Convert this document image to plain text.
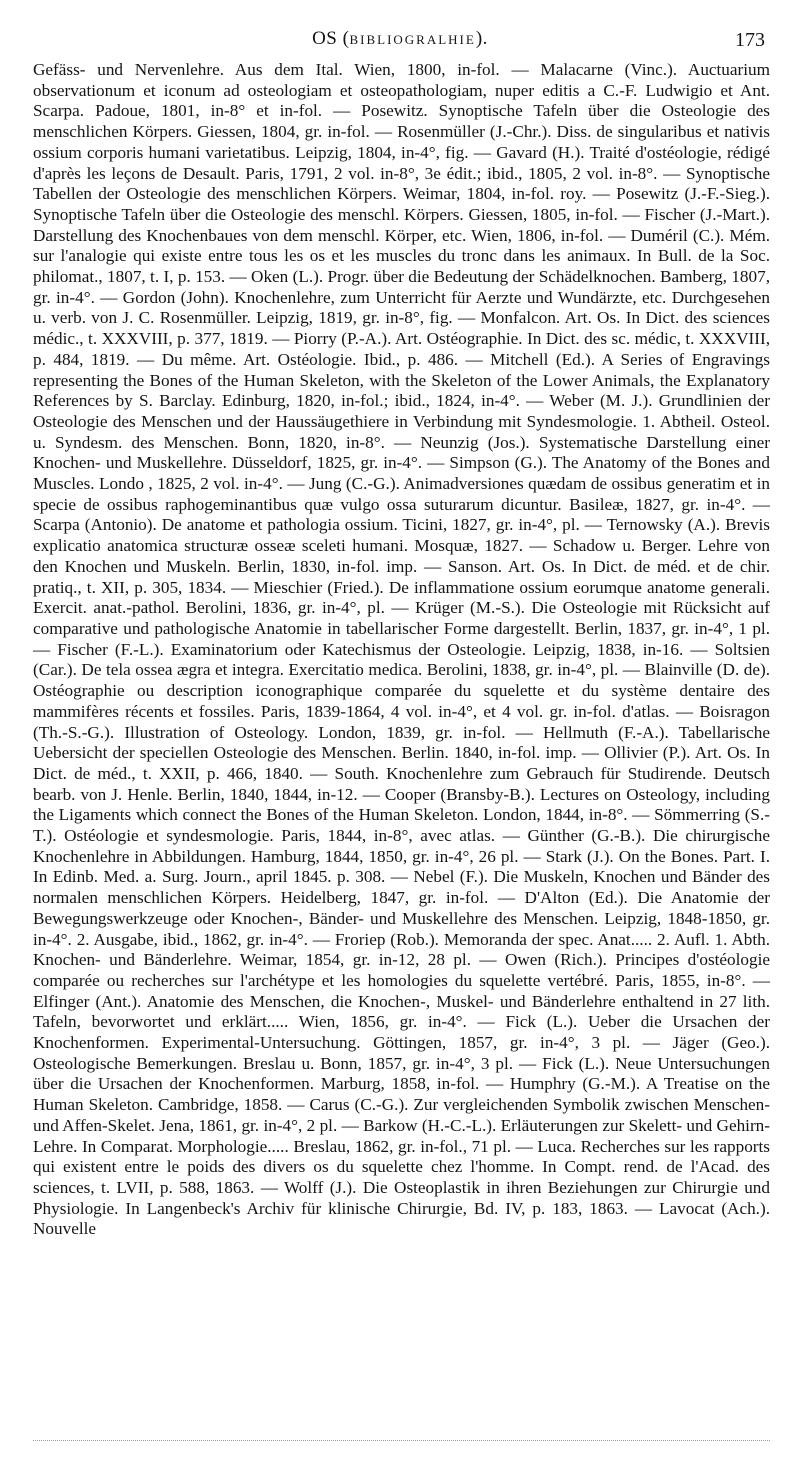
OS (bibliogralhie).	173

Gefäss- und Nervenlehre. Aus dem Ital. Wien, 1800, in-fol. — Malacarne (Vinc.). Auctuarium observationum et iconum ad osteologiam et osteopathologiam, nuper editis a C.-F. Ludwigio et Ant. Scarpa. Padoue, 1801, in-8° et in-fol. — Posewitz. Synoptische Tafeln über die Osteologie des menschlichen Körpers. Giessen, 1804, gr. in-fol. — Rosenmüller (J.-Chr.). Diss. de singularibus et nativis ossium corporis humani varietatibus. Leipzig, 1804, in-4°, fig. — Gavard (H.). Traité d'ostéologie, rédigé d'après les leçons de Desault. Paris, 1791, 2 vol. in-8°, 3e édit.; ibid., 1805, 2 vol. in-8°. — Synoptische Tabellen der Osteologie des menschlichen Körpers. Weimar, 1804, in-fol. roy. — Posewitz (J.-F.-Sieg.). Synoptische Tafeln über die Osteologie des menschl. Körpers. Giessen, 1805, in-fol. — Fischer (J.-Mart.). Darstellung des Knochenbaues von dem menschl. Körper, etc. Wien, 1806, in-fol. — Duméril (C.). Mém. sur l'analogie qui existe entre tous les os et les muscles du tronc dans les animaux. In Bull. de la Soc. philomat., 1807, t. I, p. 153. — Oken (L.). Progr. über die Bedeutung der Schädelknochen. Bamberg, 1807, gr. in-4°. — Gordon (John). Knochenlehre, zum Unterricht für Aerzte und Wundärzte, etc. Durchgesehen u. verb. von J. C. Rosenmüller. Leipzig, 1819, gr. in-8°, fig. — Monfalcon. Art. Os. In Dict. des sciences médic., t. XXXVIII, p. 377, 1819. — Piorry (P.-A.). Art. Ostéographie. In Dict. des sc. médic, t. XXXVIII, p. 484, 1819. — Du même. Art. Ostéologie. Ibid., p. 486. — Mitchell (Ed.). A Series of Engravings representing the Bones of the Human Skeleton, with the Skeleton of the Lower Animals, the Explanatory References by S. Barclay. Edinburg, 1820, in-fol.; ibid., 1824, in-4°. — Weber (M. J.). Grundlinien der Osteologie des Menschen und der Haussäugethiere in Verbindung mit Syndesmologie. 1. Abtheil. Osteol. u. Syndesm. des Menschen. Bonn, 1820, in-8°. — Neunzig (Jos.). Systematische Darstellung einer Knochen- und Muskellehre. Düsseldorf, 1825, gr. in-4°. — Simpson (G.). The Anatomy of the Bones and Muscles. Londo , 1825, 2 vol. in-4°. — Jung (C.-G.). Animadversiones quædam de ossibus generatim et in specie de ossibus raphogeminantibus quæ vulgo ossa suturarum dicuntur. Basileæ, 1827, gr. in-4°. — Scarpa (Antonio). De anatome et pathologia ossium. Ticini, 1827, gr. in-4°, pl. — Ternowsky (A.). Brevis explicatio anatomica structuræ osseæ sceleti humani. Mosquæ, 1827. — Schadow u. Berger. Lehre von den Knochen und Muskeln. Berlin, 1830, in-fol. imp. — Sanson. Art. Os. In Dict. de méd. et de chir. pratiq., t. XII, p. 305, 1834. — Mieschier (Fried.). De inflammatione ossium eorumque anatome generali. Exercit. anat.-pathol. Berolini, 1836, gr. in-4°, pl. — Krüger (M.-S.). Die Osteologie mit Rücksicht auf comparative und pathologische Anatomie in tabellarischer Forme dargestellt. Berlin, 1837, gr. in-4°, 1 pl. — Fischer (F.-L.). Examinatorium oder Katechismus der Osteologie. Leipzig, 1838, in-16. — Soltsien (Car.). De tela ossea ægra et integra. Exercitatio medica. Berolini, 1838, gr. in-4°, pl. — Blainville (D. de). Ostéographie ou description iconographique comparée du squelette et du système dentaire des mammifères récents et fossiles. Paris, 1839-1864, 4 vol. in-4°, et 4 vol. gr. in-fol. d'atlas. — Boisragon (Th.-S.-G.). Illustration of Osteology. London, 1839, gr. in-fol. — Hellmuth (F.-A.). Tabellarische Uebersicht der speciellen Osteologie des Menschen. Berlin. 1840, in-fol. imp. — Ollivier (P.). Art. Os. In Dict. de méd., t. XXII, p. 466, 1840. — South. Knochenlehre zum Gebrauch für Studirende. Deutsch bearb. von J. Henle. Berlin, 1840, 1844, in-12. — Cooper (Bransby-B.). Lectures on Osteology, including the Ligaments which connect the Bones of the Human Skeleton. London, 1844, in-8°. — Sömmerring (S.-T.). Ostéologie et syndesmologie. Paris, 1844, in-8°, avec atlas. — Günther (G.-B.). Die chirurgische Knochenlehre in Abbildungen. Hamburg, 1844, 1850, gr. in-4°, 26 pl. — Stark (J.). On the Bones. Part. I. In Edinb. Med. a. Surg. Journ., april 1845. p. 308. — Nebel (F.). Die Muskeln, Knochen und Bänder des normalen menschlichen Körpers. Heidelberg, 1847, gr. in-fol. — D'Alton (Ed.). Die Anatomie der Bewegungswerkzeuge oder Knochen-, Bänder- und Muskellehre des Menschen. Leipzig, 1848-1850, gr. in-4°. 2. Ausgabe, ibid., 1862, gr. in-4°. — Froriep (Rob.). Memoranda der spec. Anat..... 2. Aufl. 1. Abth. Knochen- und Bänderlehre. Weimar, 1854, gr. in-12, 28 pl. — Owen (Rich.). Principes d'ostéologie comparée ou recherches sur l'archétype et les homologies du squelette vertébré. Paris, 1855, in-8°. — Elfinger (Ant.). Anatomie des Menschen, die Knochen-, Muskel- und Bänderlehre enthaltend in 27 lith. Tafeln, bevorwortet und erklärt..... Wien, 1856, gr. in-4°. — Fick (L.). Ueber die Ursachen der Knochenformen. Experimental-Untersuchung. Göttingen, 1857, gr. in-4°, 3 pl. — Jäger (Geo.). Osteologische Bemerkungen. Breslau u. Bonn, 1857, gr. in-4°, 3 pl. — Fick (L.). Neue Untersuchungen über die Ursachen der Knochenformen. Marburg, 1858, in-fol. — Humphry (G.-M.). A Treatise on the Human Skeleton. Cambridge, 1858. — Carus (C.-G.). Zur vergleichenden Symbolik zwischen Menschen- und Affen-Skelet. Jena, 1861, gr. in-4°, 2 pl. — Barkow (H.-C.-L.). Erläuterungen zur Skelett- und Gehirn-Lehre. In Comparat. Morphologie..... Breslau, 1862, gr. in-fol., 71 pl. — Luca. Recherches sur les rapports qui existent entre le poids des divers os du squelette chez l'homme. In Compt. rend. de l'Acad. des sciences, t. LVII, p. 588, 1863. — Wolff (J.). Die Osteoplastik in ihren Beziehungen zur Chirurgie und Physiologie. In Langenbeck's Archiv für klinische Chirurgie, Bd. IV, p. 183, 1863. — Lavocat (Ach.). Nouvelle
